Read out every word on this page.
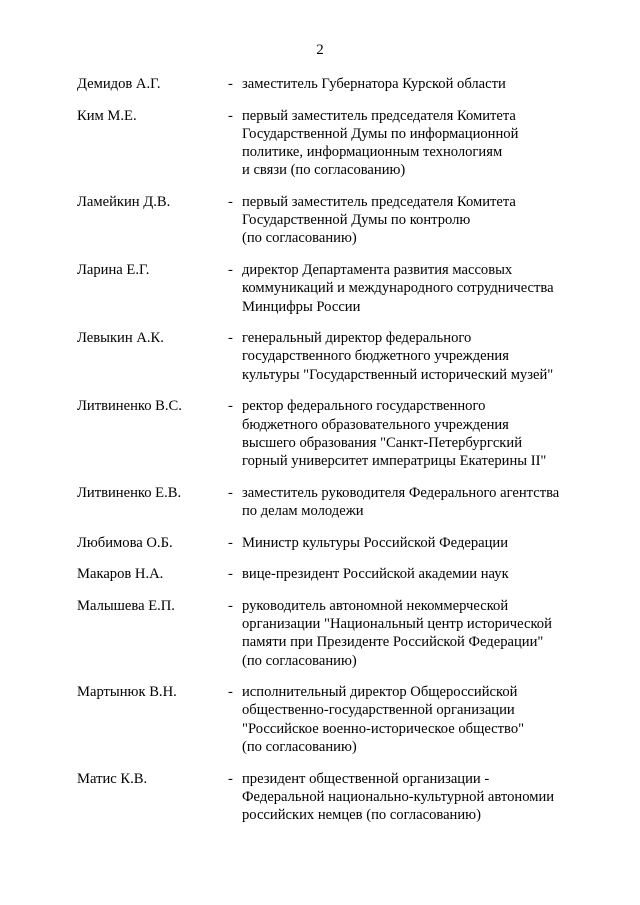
2
Демидов А.Г.	- заместитель Губернатора Курской области
Ким М.Е.	- первый заместитель председателя Комитета
Государственной Думы по информационной
политике, информационным технологиям
и связи (по согласованию)
Ламейкин Д.В.	- первый заместитель председателя Комитета
Государственной Думы по контролю
(по согласованию)
Ларина Е.Г.	- директор Департамента развития массовых
коммуникаций и международного сотрудничества
Минцифры России
Левыкин А.К.	- генеральный директор федерального
государственного бюджетного учреждения
культуры "Государственный исторический музей"
Литвиненко В.С.	- ректор федерального государственного
бюджетного образовательного учреждения
высшего образования "Санкт-Петербургский
горный университет императрицы Екатерины II"
Литвиненко Е.В.	- заместитель руководителя Федерального агентства
по делам молодежи
Любимова О.Б.	- Министр культуры Российской Федерации
Макаров Н.А.	- вице-президент Российской академии наук
Малышева Е.П.	- руководитель автономной некоммерческой
организации "Национальный центр исторической
памяти при Президенте Российской Федерации"
(по согласованию)
Мартынюк В.Н.	- исполнительный директор Общероссийской
общественно-государственной организации
"Российское военно-историческое общество"
(по согласованию)
Матис К.В.	- президент общественной организации -
Федеральной национально-культурной автономии
российских немцев (по согласованию)
